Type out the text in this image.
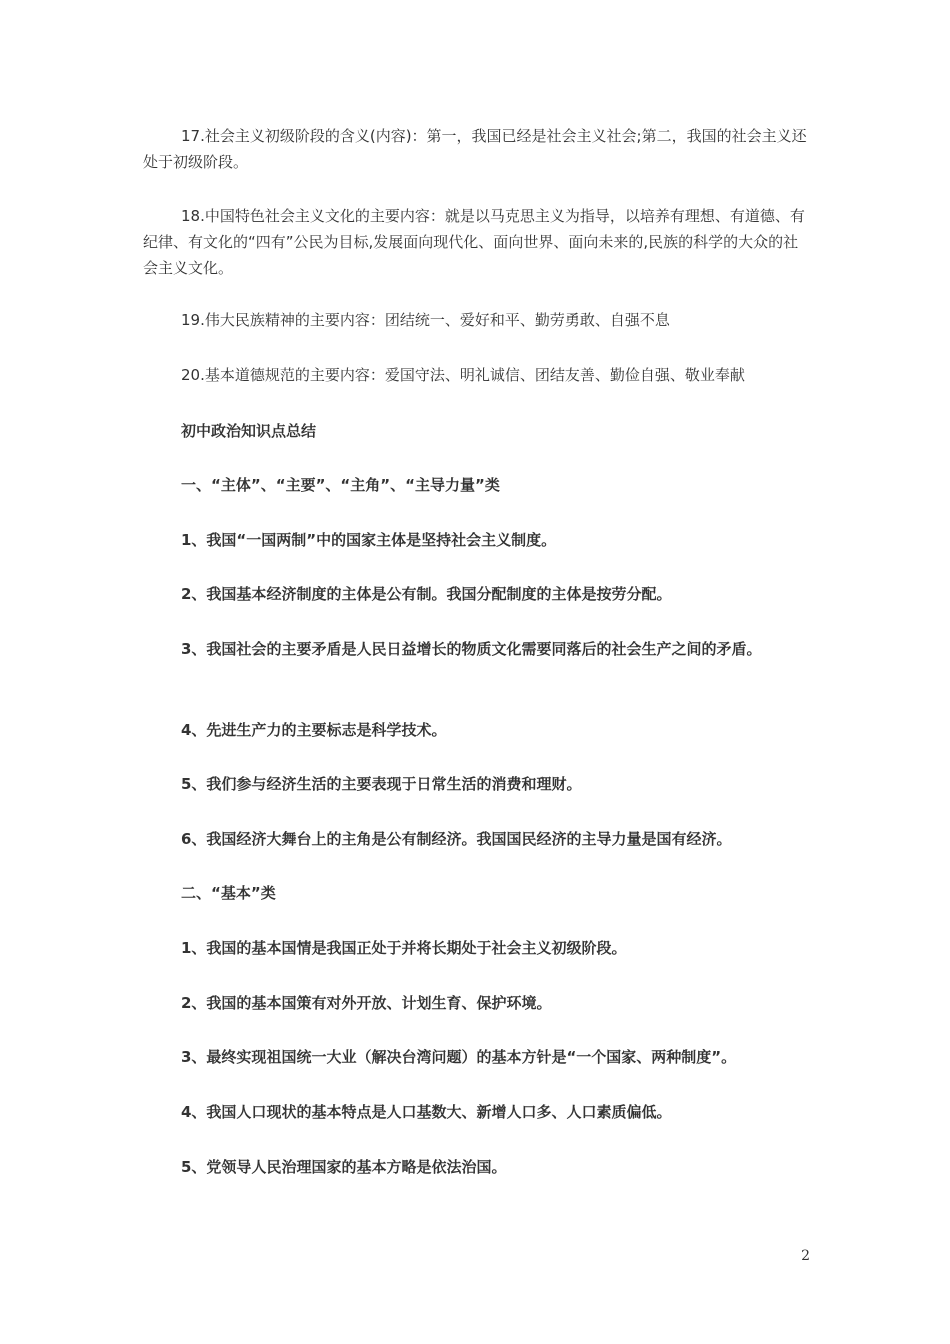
17.社会主义初级阶段的含义(内容)：第一，我国已经是社会主义社会;第二，我国的社会主义还处于初级阶段。

18.中国特色社会主义文化的主要内容：就是以马克思主义为指导，以培养有理想、有道德、有纪律、有文化的“四有”公民为目标,发展面向现代化、面向世界、面向未来的,民族的科学的大众的社会主义文化。

19.伟大民族精神的主要内容：团结统一、爱好和平、勤劳勇敢、自强不息

20.基本道德规范的主要内容：爱国守法、明礼诚信、团结友善、勤俭自强、敬业奉献

初中政治知识点总结

一、“主体”、“主要”、“主角”、“主导力量”类

1、我国“一国两制”中的国家主体是坚持社会主义制度。

2、我国基本经济制度的主体是公有制。我国分配制度的主体是按劳分配。

3、我国社会的主要矛盾是人民日益增长的物质文化需要同落后的社会生产之间的矛盾。

4、先进生产力的主要标志是科学技术。

5、我们参与经济生活的主要表现于日常生活的消费和理财。

6、我国经济大舞台上的主角是公有制经济。我国国民经济的主导力量是国有经济。

二、“基本”类

1、我国的基本国情是我国正处于并将长期处于社会主义初级阶段。

2、我国的基本国策有对外开放、计划生育、保护环境。

3、最终实现祖国统一大业（解决台湾问题）的基本方针是“一个国家、两种制度”。

4、我国人口现状的基本特点是人口基数大、新增人口多、人口素质偏低。

5、党领导人民治理国家的基本方略是依法治国。

2
